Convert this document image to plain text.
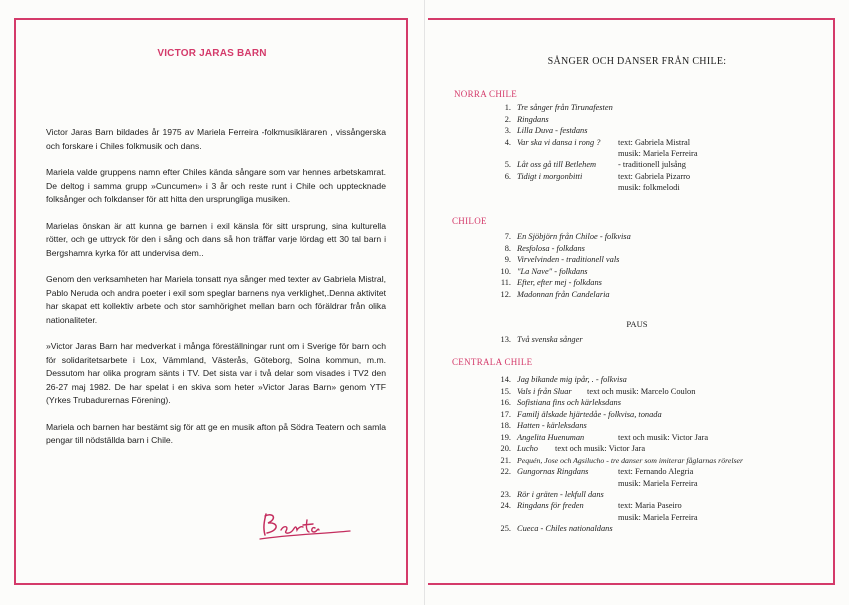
VICTOR JARAS BARN

Victor Jaras Barn bildades år 1975 av Mariela Ferreira -folkmusikläraren , vissångerska och forskare i Chiles folkmusik och dans.

Mariela valde gruppens namn efter Chiles kända sångare som var hennes arbetskamrat. De deltog i samma grupp »Cuncumen» i 3 år och reste runt i Chile och upptecknade folksånger och folkdanser för att hitta den ursprungliga musiken.

Marielas önskan är att kunna ge barnen i exil känsla för sitt ursprung, sina kulturella rötter, och ge uttryck för den i sång och dans så hon träffar varje lördag ett 30 tal barn i Bergshamra kyrka för att undervisa dem..

Genom den verksamheten har Mariela tonsatt nya sånger med texter av Gabriela Mistral, Pablo Neruda och andra poeter i exil som speglar barnens nya verklighet,.Denna aktivitet har skapat ett kollektiv arbete och stor samhörighet mellan barn och föräldrar från olika nationaliteter.

»Victor Jaras Barn har medverkat i många föreställningar runt om i Sverige för barn och för solidaritetsarbete i Lox, Vämmland, Västerås, Göteborg, Solna kommun, m.m. Dessutom har olika program sänts i TV. Det sista var i två delar som visades i TV2 den 26-27 maj 1982. De har spelat i en skiva som heter »Victor Jaras Barn» genom YTF (Yrkes Trubadurernas Förening).

Mariela och barnen har bestämt sig för att ge en musik afton på Södra Teatern och samla pengar till nödställda barn i Chile.

SÅNGER OCH DANSER FRÅN CHILE:
NORRA CHILE
1. Tre sånger från Tirunafesten
2. Ringdans
3. Lilla Duva - festdans
4. Var ska vi dansa i rong ? text: Gabriela Mistral
musik: Mariela Ferreira
5. Låt oss gå till Betlehem	- traditionell julsång
6. Tidigt i morgonbitti	text: Gabriela Pizarro
musik: folkmelodi
CHILOE
7. En Sjöbjörn från Chiloe - folkvisa
8. Resfolosa - folkdans
9. Virvelvinden - traditionell vals
10. "La Nave" - folkdans
11. Efter, efter mej - folkdans
12. Madonnan från Candelaria
PAUS
13. Två svenska sånger
CENTRALA CHILE
14. Jag bikande mig ipår, . - folkvisa
15. Vals i från Sluar text och musik: Marcelo Coulon
16. Sofistiana fins och kärleksdans
17. Familj älskade hjärtedåe - folkvisa, tonada
18. Hatten - kärleksdans
19. Angelita Huenuman	text och musik: Victor Jara
20. Lucho text och musik: Victor Jara
21. Pequén, Jose och Agsilucho - tre danser som imiterar fåglarnas rörelser
22. Gungornas Ringdans	text: Fernando Alegria
musik: Mariela Ferreira
23. Rör i gräten - lekfull dans
24. Ringdans för freden	text: Maria Paseiro
musik: Mariela Ferreira
25. Cueca - Chiles nationaldans
